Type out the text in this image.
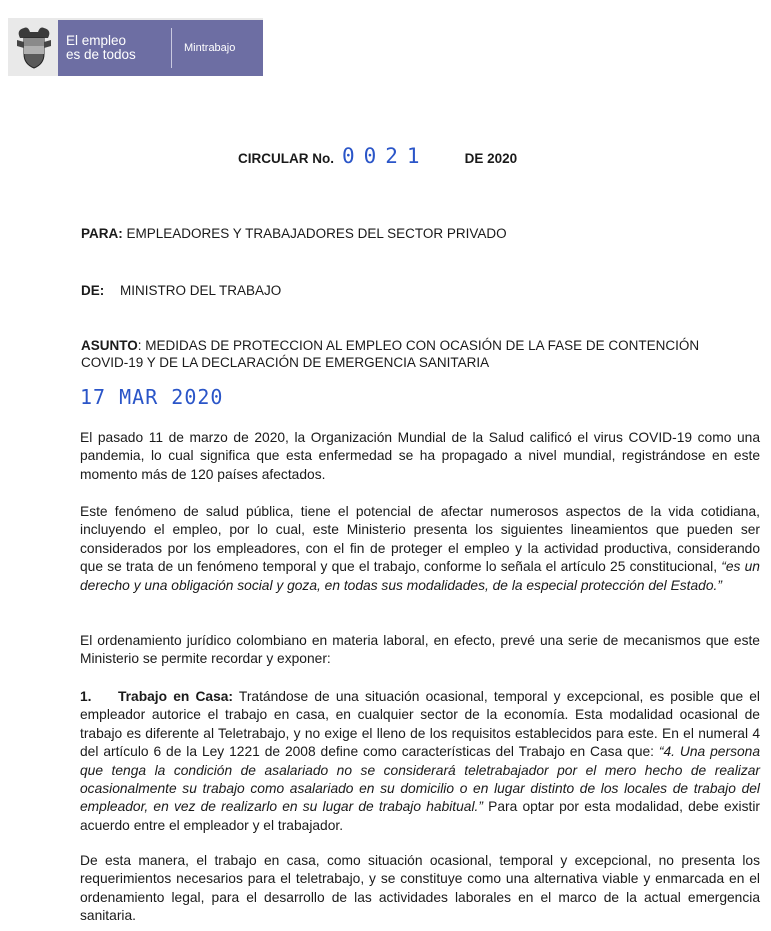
El empleo
es de todos	Mintrabajo
CIRCULAR No. 0021	DE 2020
PARA: EMPLEADORES Y TRABAJADORES DEL SECTOR PRIVADO
DE: MINISTRO DEL TRABAJO
ASUNTO: MEDIDAS DE PROTECCION AL EMPLEO CON OCASIÓN DE LA FASE DE CONTENCIÓN
COVID-19 Y DE LA DECLARACIÓN DE EMERGENCIA SANITARIA
17 MAR 2020

El pasado 11 de marzo de 2020, la Organización Mundial de la Salud calificó el virus COVID-19 como una pandemia, lo cual significa que esta enfermedad se ha propagado a nivel mundial, registrándose en este momento más de 120 países afectados.

Este fenómeno de salud pública, tiene el potencial de afectar numerosos aspectos de la vida cotidiana, incluyendo el empleo, por lo cual, este Ministerio presenta los siguientes lineamientos que pueden ser considerados por los empleadores, con el fin de proteger el empleo y la actividad productiva, considerando que se trata de un fenómeno temporal y que el trabajo, conforme lo señala el artículo 25 constitucional, “es un derecho y una obligación social y goza, en todas sus modalidades, de la especial protección del Estado.”

El ordenamiento jurídico colombiano en materia laboral, en efecto, prevé una serie de mecanismos que este Ministerio se permite recordar y exponer:

1. Trabajo en Casa: Tratándose de una situación ocasional, temporal y excepcional, es posible que el empleador autorice el trabajo en casa, en cualquier sector de la economía. Esta modalidad ocasional de trabajo es diferente al Teletrabajo, y no exige el lleno de los requisitos establecidos para este. En el numeral 4 del artículo 6 de la Ley 1221 de 2008 define como características del Trabajo en Casa que: “4. Una persona que tenga la condición de asalariado no se considerará teletrabajador por el mero hecho de realizar ocasionalmente su trabajo como asalariado en su domicilio o en lugar distinto de los locales de trabajo del empleador, en vez de realizarlo en su lugar de trabajo habitual.” Para optar por esta modalidad, debe existir acuerdo entre el empleador y el trabajador.

De esta manera, el trabajo en casa, como situación ocasional, temporal y excepcional, no presenta los requerimientos necesarios para el teletrabajo, y se constituye como una alternativa viable y enmarcada en el ordenamiento legal, para el desarrollo de las actividades laborales en el marco de la actual emergencia sanitaria.
